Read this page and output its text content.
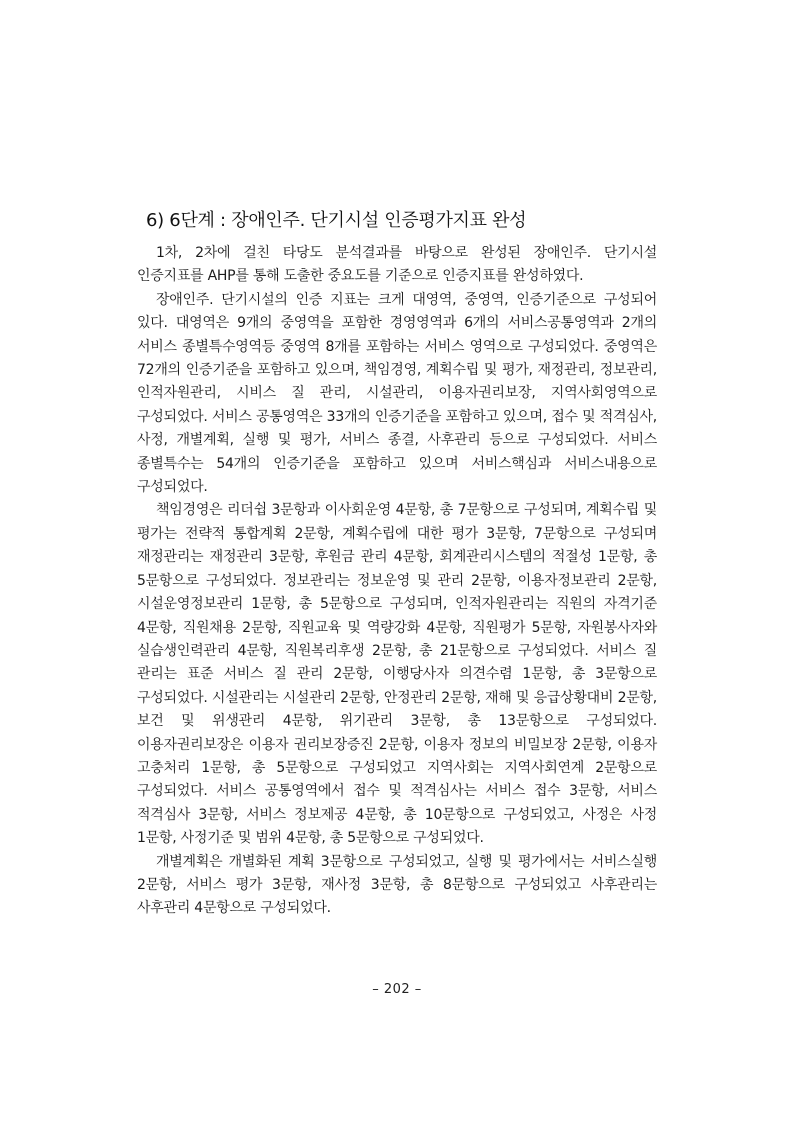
6) 6단계 : 장애인주. 단기시설 인증평가지표 완성

1차, 2차에 걸친 타당도 분석결과를 바탕으로 완성된 장애인주. 단기시설 인증지표를 AHP를 통해 도출한 중요도를 기준으로 인증지표를 완성하였다.

장애인주. 단기시설의 인증 지표는 크게 대영역, 중영역, 인증기준으로 구성되어 있다. 대영역은 9개의 중영역을 포함한 경영영역과 6개의 서비스공통영역과 2개의 서비스 종별특수영역등 중영역 8개를 포함하는 서비스 영역으로 구성되었다. 중영역은 72개의 인증기준을 포함하고 있으며, 책임경영, 계획수립 및 평가, 재정관리, 정보관리, 인적자원관리, 시비스 질 관리, 시설관리, 이용자권리보장, 지역사회영역으로 구성되었다. 서비스 공통영역은 33개의 인증기준을 포함하고 있으며, 접수 및 적격심사, 사정, 개별계획, 실행 및 평가, 서비스 종결, 사후관리 등으로 구성되었다. 서비스 종별특수는 54개의 인증기준을 포함하고 있으며 서비스핵심과 서비스내용으로 구성되었다.

책임경영은 리더쉽 3문항과 이사회운영 4문항, 총 7문항으로 구성되며, 계획수립 및 평가는 전략적 통합계획 2문항, 계획수립에 대한 평가 3문항, 7문항으로 구성되며 재정관리는 재정관리 3문항, 후원금 관리 4문항, 회계관리시스템의 적절성 1문항, 총 5문항으로 구성되었다. 정보관리는 정보운영 및 관리 2문항, 이용자정보관리 2문항, 시설운영정보관리 1문항, 총 5문항으로 구성되며, 인적자원관리는 직원의 자격기준 4문항, 직원채용 2문항, 직원교육 및 역량강화 4문항, 직원평가 5문항, 자원봉사자와 실습생인력관리 4문항, 직원복리후생 2문항, 총 21문항으로 구성되었다. 서비스 질 관리는 표준 서비스 질 관리 2문항, 이행당사자 의견수렴 1문항, 총 3문항으로 구성되었다. 시설관리는 시설관리 2문항, 안정관리 2문항, 재해 및 응급상황대비 2문항, 보건 및 위생관리 4문항, 위기관리 3문항, 총 13문항으로 구성되었다. 이용자권리보장은 이용자 권리보장증진 2문항, 이용자 정보의 비밀보장 2문항, 이용자 고충처리 1문항, 총 5문항으로 구성되었고 지역사회는 지역사회연계 2문항으로 구성되었다. 서비스 공통영역에서 접수 및 적격심사는 서비스 접수 3문항, 서비스 적격심사 3문항, 서비스 정보제공 4문항, 총 10문항으로 구성되었고, 사정은 사정 1문항, 사정기준 및 범위 4문항, 총 5문항으로 구성되었다.

개별계획은 개별화된 계획 3문항으로 구성되었고, 실행 및 평가에서는 서비스실행 2문항, 서비스 평가 3문항, 재사정 3문항, 총 8문항으로 구성되었고 사후관리는 사후관리 4문항으로 구성되었다.

– 202 –
